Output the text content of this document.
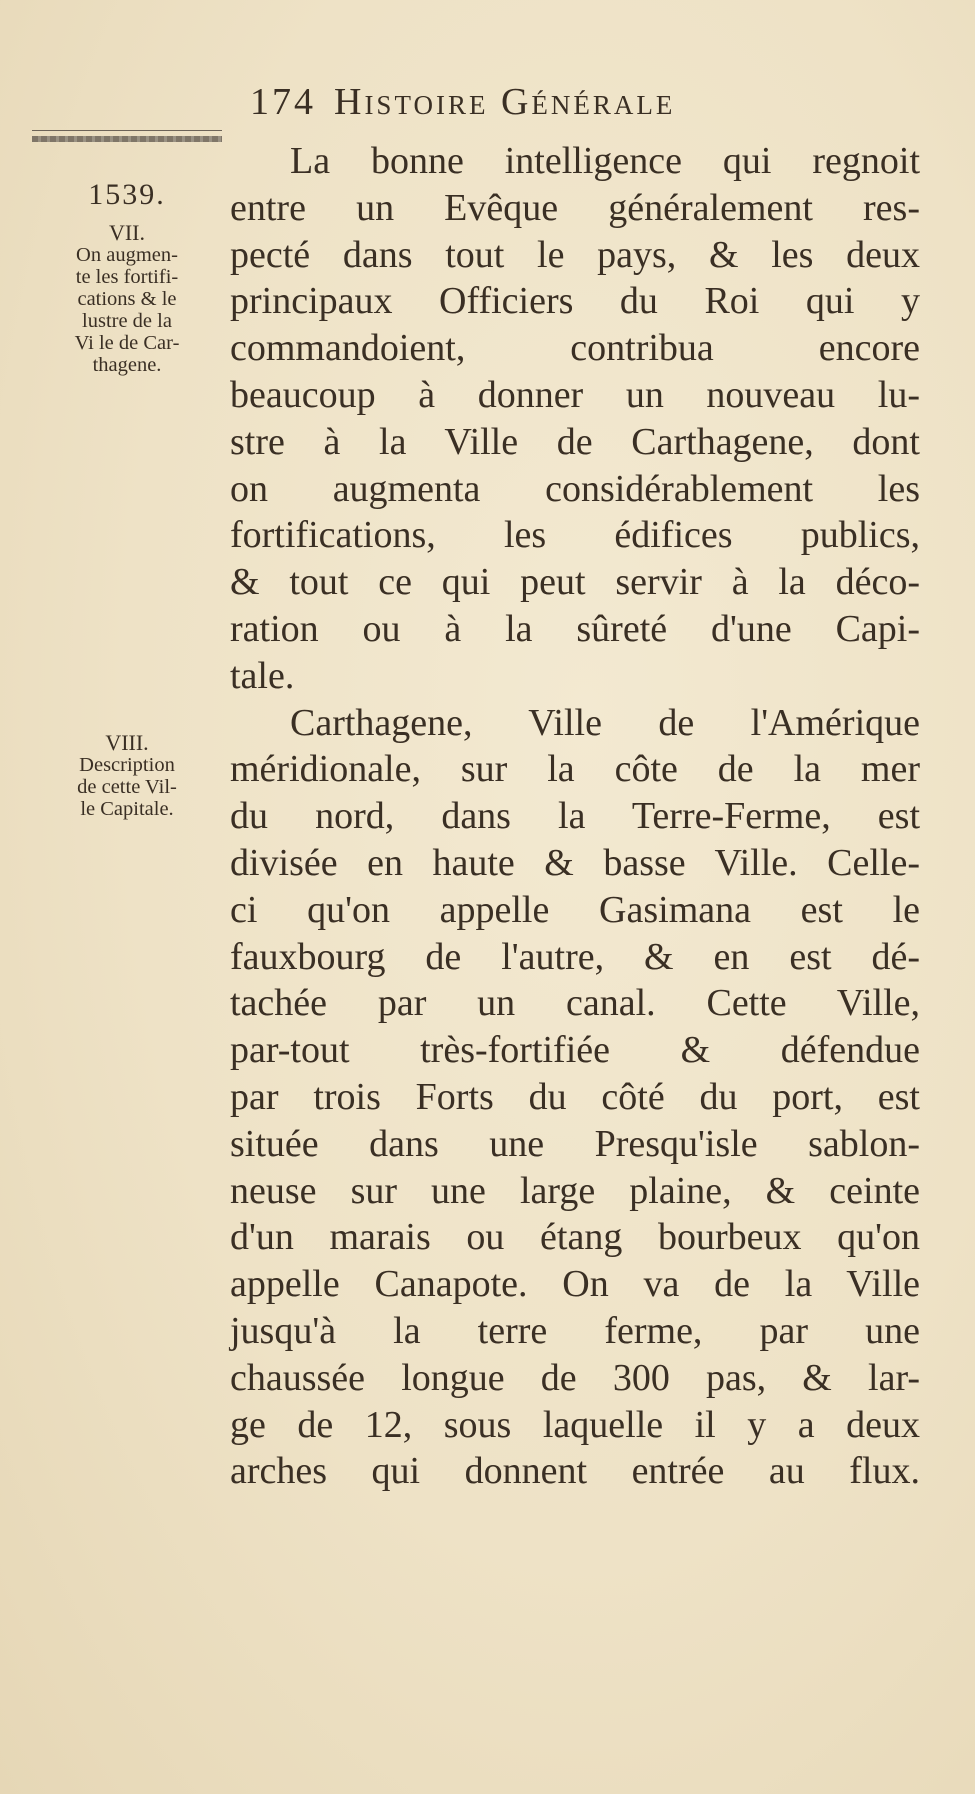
174 Histoire Générale
1539.
VII.
On augmen-
te les fortifi-
cations & le
lustre de la
Vi le de Car-
thagene.
VIII.
Description
de cette Vil-
le Capitale.
La bonne intelligence qui regnoit
entre un Evêque généralement res-
pecté dans tout le pays, & les deux
principaux Officiers du Roi qui y
commandoient, contribua encore
beaucoup à donner un nouveau lu-
stre à la Ville de Carthagene, dont
on augmenta considérablement les
fortifications, les édifices publics,
& tout ce qui peut servir à la déco-
ration ou à la sûreté d'une Capi-
tale.
Carthagene, Ville de l'Amérique
méridionale, sur la côte de la mer
du nord, dans la Terre-Ferme, est
divisée en haute & basse Ville. Celle-
ci qu'on appelle Gasimana est le
fauxbourg de l'autre, & en est dé-
tachée par un canal. Cette Ville,
par-tout très-fortifiée & défendue
par trois Forts du côté du port, est
située dans une Presqu'isle sablon-
neuse sur une large plaine, & ceinte
d'un marais ou étang bourbeux qu'on
appelle Canapote. On va de la Ville
jusqu'à la terre ferme, par une
chaussée longue de 300 pas, & lar-
ge de 12, sous laquelle il y a deux
arches qui donnent entrée au flux.
